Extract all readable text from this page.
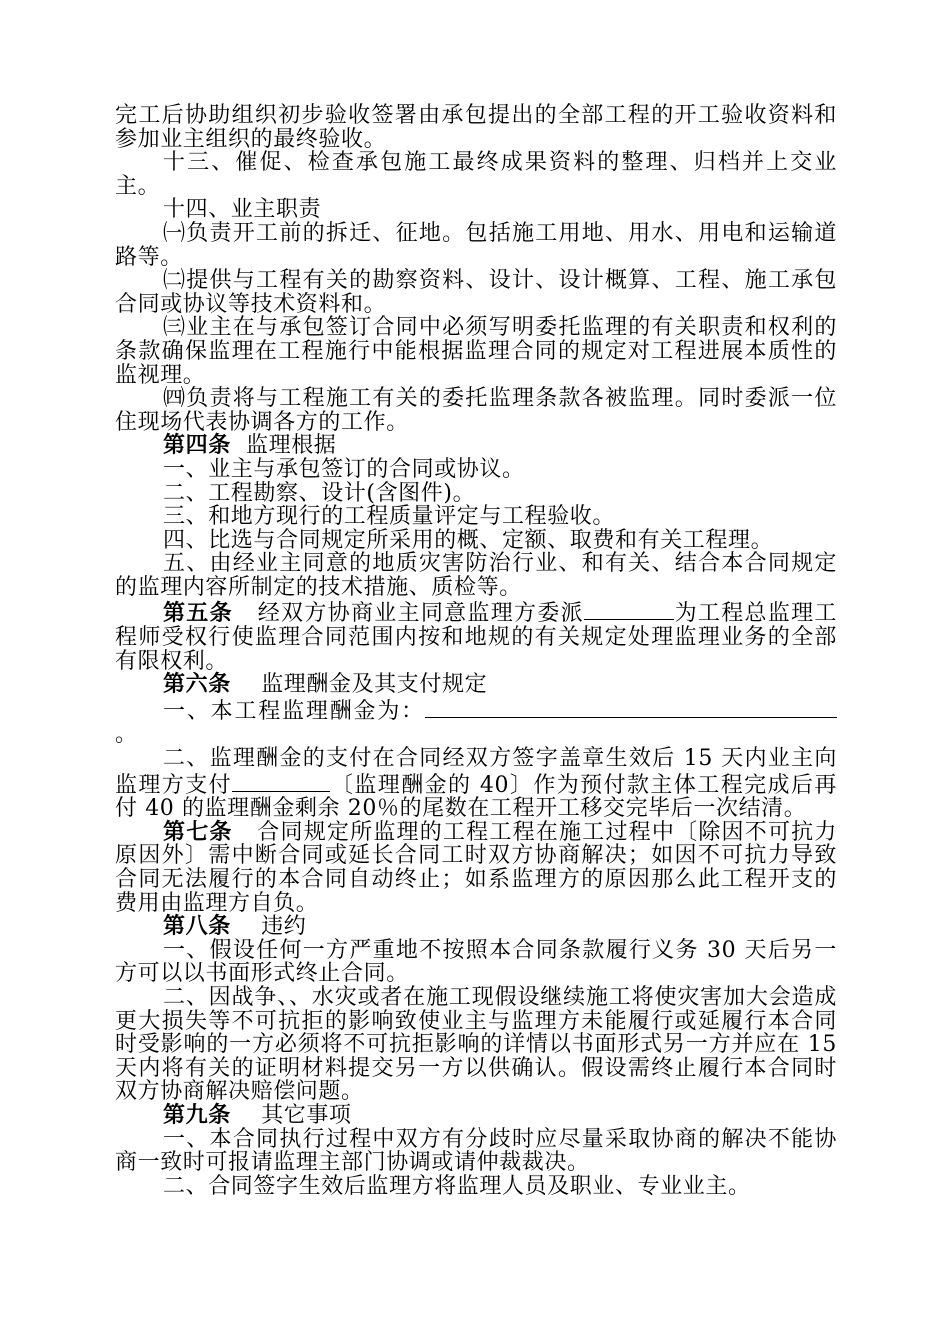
完工后协助组织初步验收签署由承包提出的全部工程的开工验收资料和参加业主组织的最终验收。

十三、催促、检查承包施工最终成果资料的整理、归档并上交业主。

十四、业主职责

㈠负责开工前的拆迁、征地。包括施工用地、用水、用电和运输道路等。

㈡提供与工程有关的勘察资料、设计、设计概算、工程、施工承包合同或协议等技术资料和。

㈢业主在与承包签订合同中必须写明委托监理的有关职责和权利的条款确保监理在工程施行中能根据监理合同的规定对工程进展本质性的监视理。

㈣负责将与工程施工有关的委托监理条款各被监理。同时委派一位住现场代表协调各方的工作。

第四条 监理根据

一、业主与承包签订的合同或协议。

二、工程勘察、设计(含图件)。

三、和地方现行的工程质量评定与工程验收。

四、比选与合同规定所采用的概、定额、取费和有关工程理。

五、由经业主同意的地质灾害防治行业、和有关、结合本合同规定的监理内容所制定的技术措施、质检等。

第五条 经双方协商业主同意监理方委派	为工程总监理工程师受权行使监理合同范围内按和地规的有关规定处理监理业务的全部有限权利。

第六条 监理酬金及其支付规定

一、本工程监理酬金为：。

二、监理酬金的支付在合同经双方签字盖章生效后 15 天内业主向监理方支付	〔监理酬金的 40〕作为预付款主体工程完成后再付 40 的监理酬金剩余 20％的尾数在工程开工移交完毕后一次结清。

第七条 合同规定所监理的工程工程在施工过程中〔除因不可抗力原因外〕需中断合同或延长合同工时双方协商解决；如因不可抗力导致合同无法履行的本合同自动终止；如系监理方的原因那么此工程开支的费用由监理方自负。

第八条 违约

一、假设任何一方严重地不按照本合同条款履行义务 30 天后另一方可以以书面形式终止合同。

二、因战争、、水灾或者在施工现假设继续施工将使灾害加大会造成更大损失等不可抗拒的影响致使业主与监理方未能履行或延履行本合同时受影响的一方必须将不可抗拒影响的详情以书面形式另一方并应在 15 天内将有关的证明材料提交另一方以供确认。假设需终止履行本合同时双方协商解决赔偿问题。

第九条 其它事项

一、本合同执行过程中双方有分歧时应尽量采取协商的解决不能协商一致时可报请监理主部门协调或请仲裁裁决。

二、合同签字生效后监理方将监理人员及职业、专业业主。
